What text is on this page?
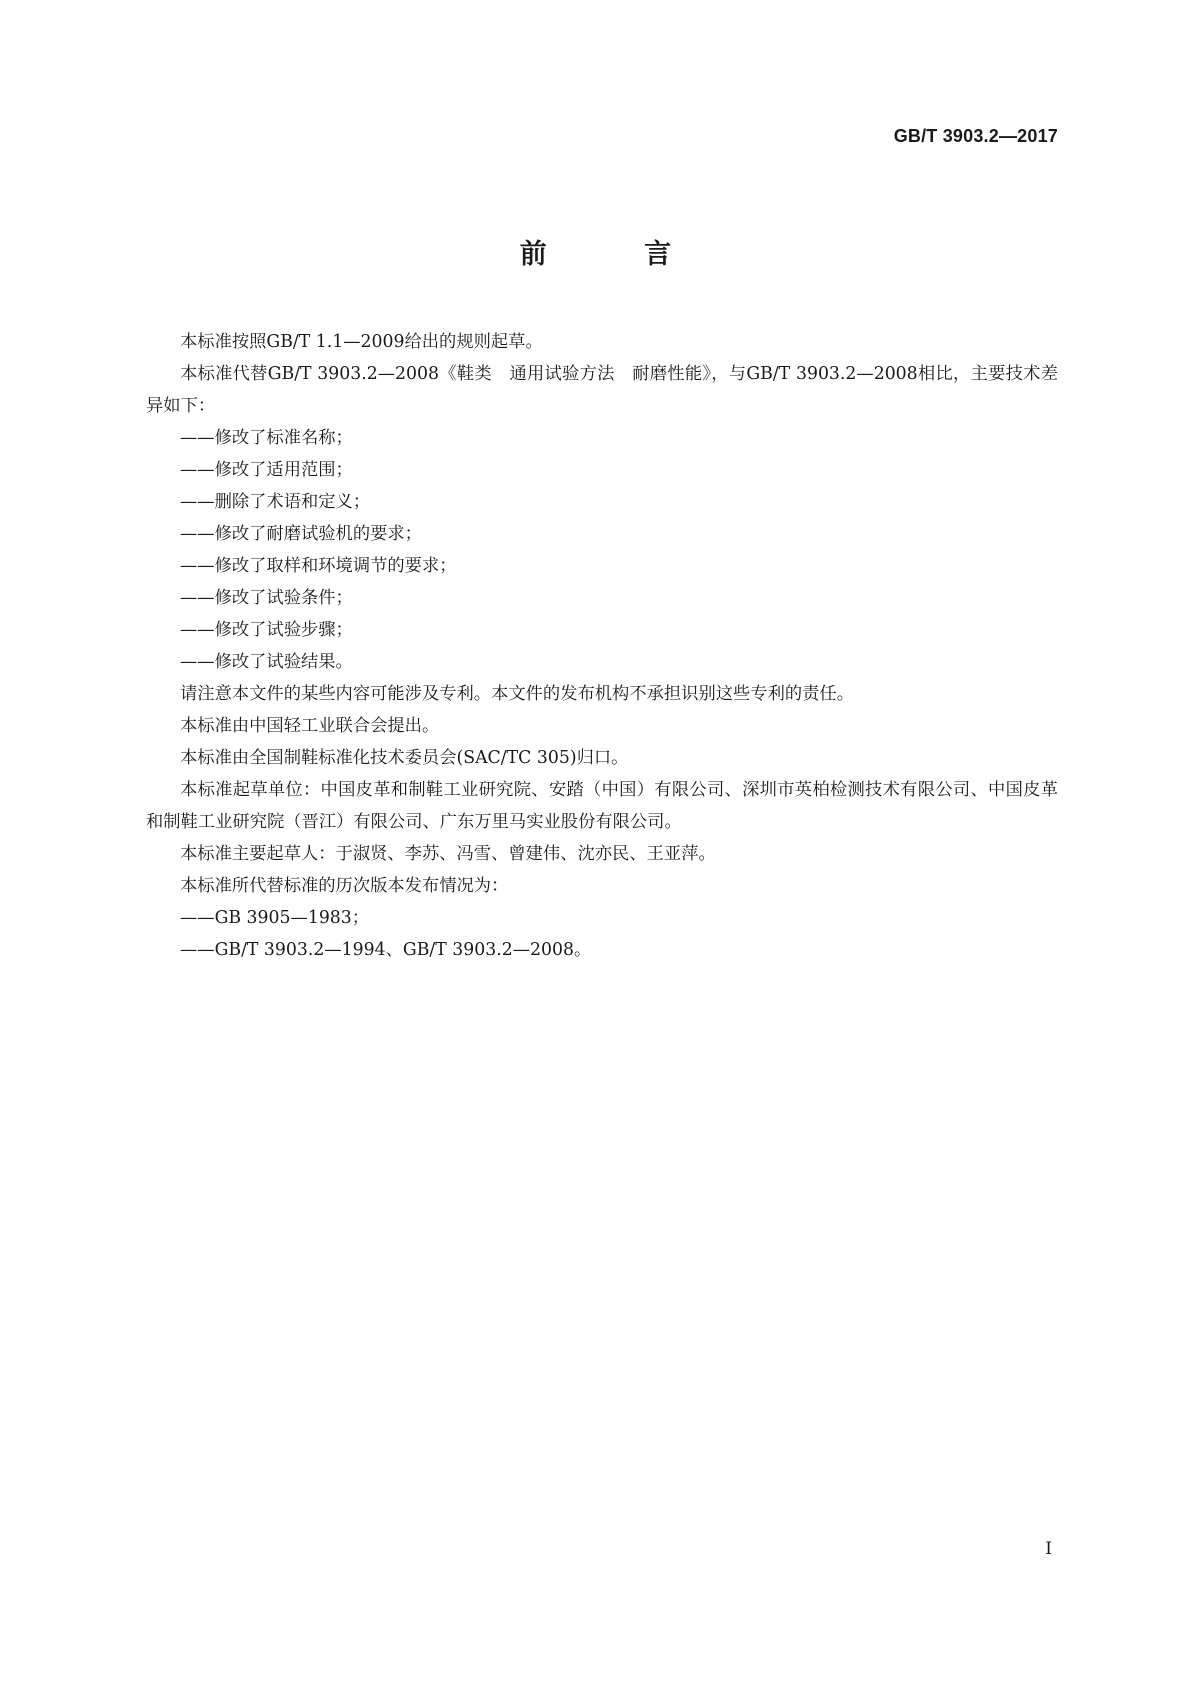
GB/T 3903.2—2017
前 言

本标准按照GB/T 1.1—2009给出的规则起草。

本标准代替GB/T 3903.2—2008《鞋类　通用试验方法　耐磨性能》，与GB/T 3903.2—2008相比，主要技术差异如下：

——修改了标准名称；

——修改了适用范围；

——删除了术语和定义；

——修改了耐磨试验机的要求；

——修改了取样和环境调节的要求；

——修改了试验条件；

——修改了试验步骤；

——修改了试验结果。

请注意本文件的某些内容可能涉及专利。本文件的发布机构不承担识别这些专利的责任。

本标准由中国轻工业联合会提出。

本标准由全国制鞋标准化技术委员会(SAC/TC 305)归口。

本标准起草单位：中国皮革和制鞋工业研究院、安踏（中国）有限公司、深圳市英柏检测技术有限公司、中国皮革和制鞋工业研究院（晋江）有限公司、广东万里马实业股份有限公司。

本标准主要起草人：于淑贤、李苏、冯雪、曾建伟、沈亦民、王亚萍。

本标准所代替标准的历次版本发布情况为：

——GB 3905—1983；

——GB/T 3903.2—1994、GB/T 3903.2—2008。

I
